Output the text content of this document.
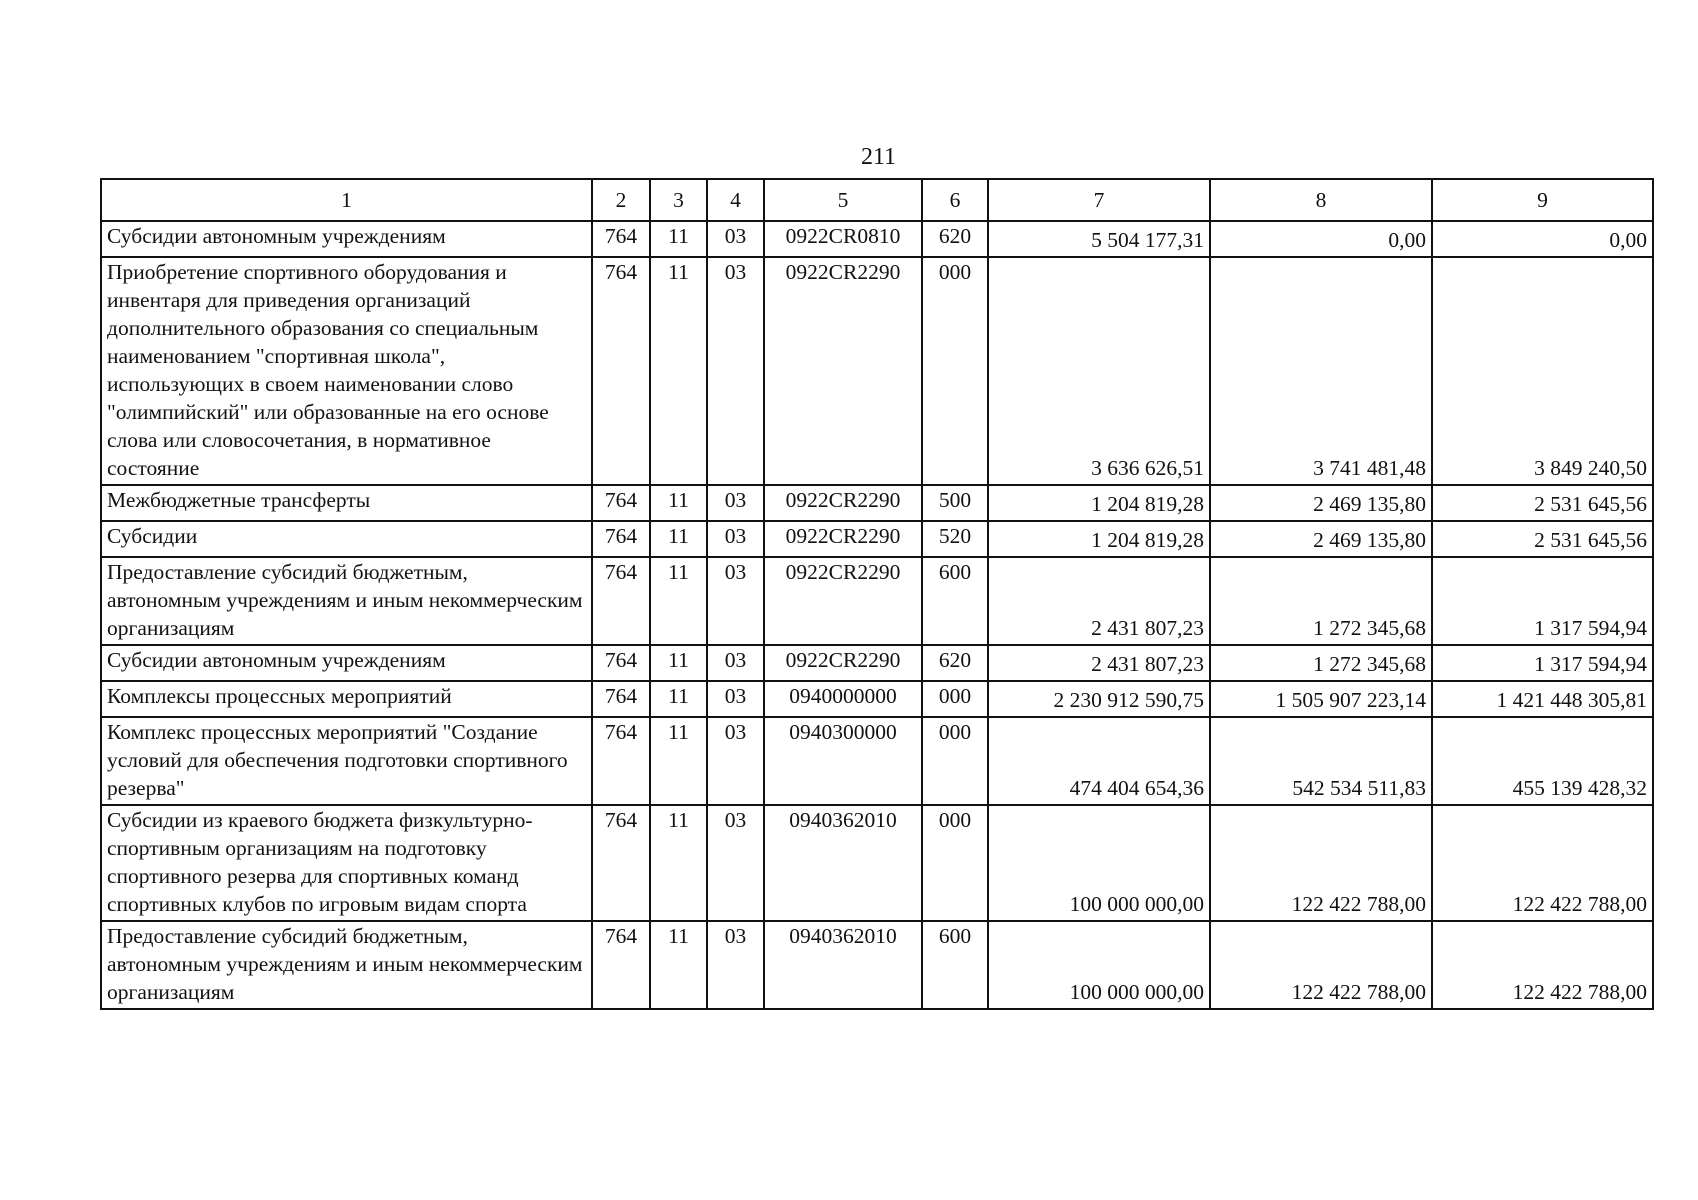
211
1	2	3	4	5	6	7	8	9
Субсидии автономным учреждениям	764	11	03	0922CR0810	620	5 504 177,31	0,00	0,00
Приобретение спортивного оборудования и инвентаря для приведения организаций дополнительного образования со специальным наименованием "спортивная школа", использующих в своем наименовании слово "олимпийский" или образованные на его основе слова или словосочетания, в нормативное состояние	764	11	03	0922CR2290	000	3 636 626,51	3 741 481,48	3 849 240,50
Межбюджетные трансферты	764	11	03	0922CR2290	500	1 204 819,28	2 469 135,80	2 531 645,56
Субсидии	764	11	03	0922CR2290	520	1 204 819,28	2 469 135,80	2 531 645,56
Предоставление субсидий бюджетным, автономным учреждениям и иным некоммерческим организациям	764	11	03	0922CR2290	600	2 431 807,23	1 272 345,68	1 317 594,94
Субсидии автономным учреждениям	764	11	03	0922CR2290	620	2 431 807,23	1 272 345,68	1 317 594,94
Комплексы процессных мероприятий	764	11	03	0940000000	000	2 230 912 590,75	1 505 907 223,14	1 421 448 305,81
Комплекс процессных мероприятий "Создание условий для обеспечения подготовки спортивного резерва"	764	11	03	0940300000	000	474 404 654,36	542 534 511,83	455 139 428,32
Субсидии из краевого бюджета физкультурно-спортивным организациям на подготовку спортивного резерва для спортивных команд спортивных клубов по игровым видам спорта	764	11	03	0940362010	000	100 000 000,00	122 422 788,00	122 422 788,00
Предоставление субсидий бюджетным, автономным учреждениям и иным некоммерческим организациям	764	11	03	0940362010	600	100 000 000,00	122 422 788,00	122 422 788,00
